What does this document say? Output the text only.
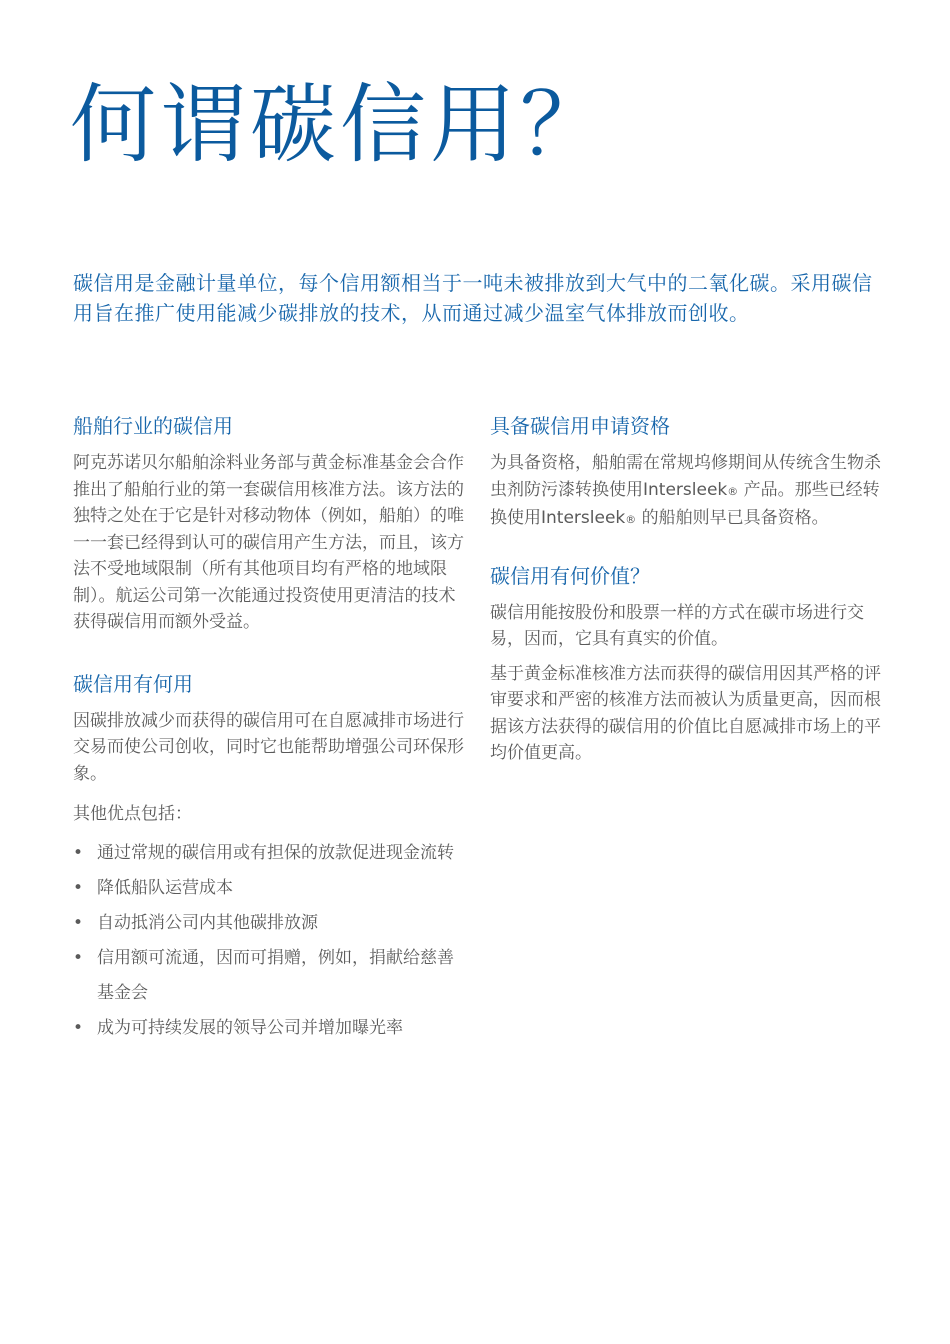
何谓碳信用？

碳信用是金融计量单位，每个信用额相当于一吨未被排放到大气中的二氧化碳。采用碳信用旨在推广使用能减少碳排放的技术，从而通过减少温室气体排放而创收。

船舶行业的碳信用

阿克苏诺贝尔船舶涂料业务部与黄金标准基金会合作推出了船舶行业的第一套碳信用核准方法。该方法的独特之处在于它是针对移动物体（例如，船舶）的唯一一套已经得到认可的碳信用产生方法，而且，该方法不受地域限制（所有其他项目均有严格的地域限制）。航运公司第一次能通过投资使用更清洁的技术获得碳信用而额外受益。

碳信用有何用

因碳排放减少而获得的碳信用可在自愿减排市场进行交易而使公司创收，同时它也能帮助增强公司环保形象。

其他优点包括：

• 通过常规的碳信用或有担保的放款促进现金流转
• 降低船队运营成本
• 自动抵消公司内其他碳排放源
• 信用额可流通，因而可捐赠，例如，捐献给慈善基金会
• 成为可持续发展的领导公司并增加曝光率
具备碳信用申请资格

为具备资格，船舶需在常规坞修期间从传统含生物杀虫剂防污漆转换使用Intersleek® 产品。那些已经转换使用Intersleek® 的船舶则早已具备资格。

碳信用有何价值？

碳信用能按股份和股票一样的方式在碳市场进行交易，因而，它具有真实的价值。

基于黄金标准核准方法而获得的碳信用因其严格的评审要求和严密的核准方法而被认为质量更高，因而根据该方法获得的碳信用的价值比自愿减排市场上的平均价值更高。
